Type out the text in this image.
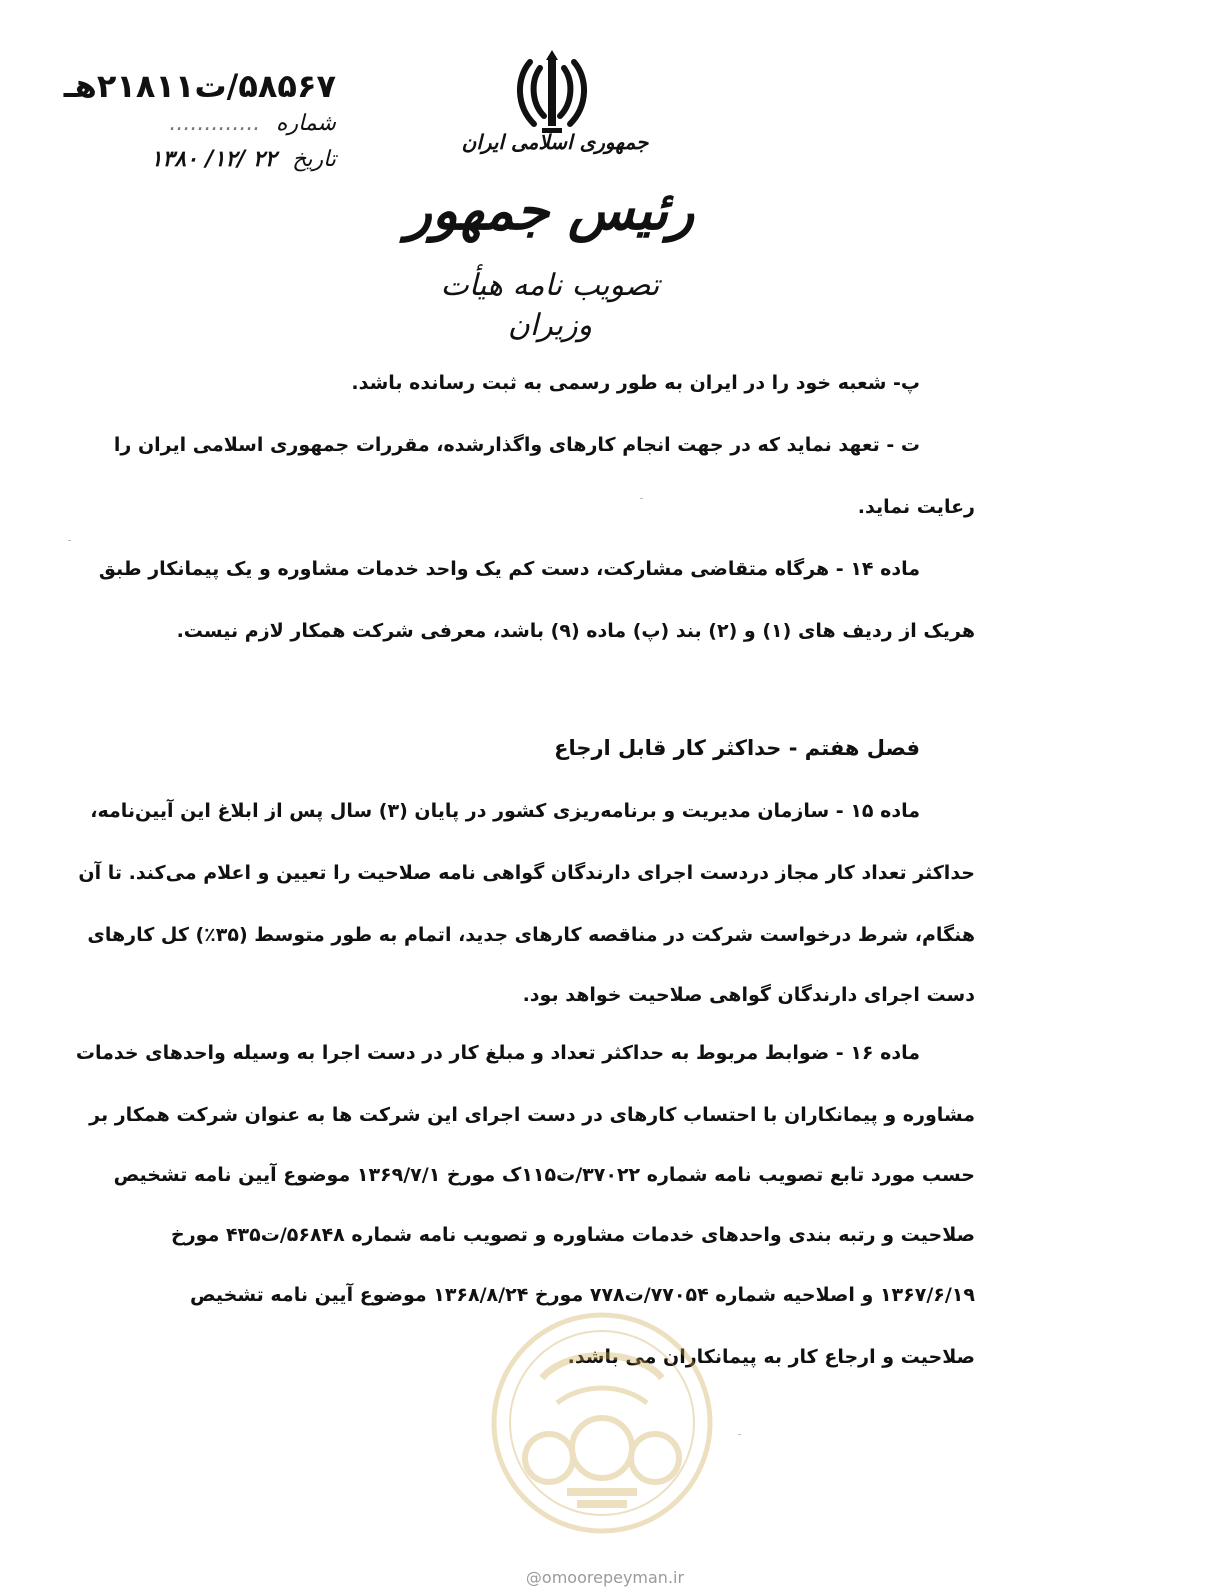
۵۸۵۶۷/ت۲۱۸۱۱هـ
شماره .............
تاریخ ۲۲ /۱۲/ ۱۳۸۰
جمهوری اسلامی ایران
رئیس جمهور
تصویب نامه هیأت وزیران
پ- شعبه خود را در ایران به طور رسمی به ثبت رسانده باشد.
ت - تعهد نماید که در جهت انجام کارهای واگذارشده، مقررات جمهوری اسلامی ایران را
رعایت نماید.
ماده ۱۴ - هرگاه متقاضی مشارکت، دست کم یک واحد خدمات مشاوره و یک پیمانکار طبق
هریک از ردیف های (۱) و (۲) بند (پ) ماده (۹) باشد، معرفی شرکت همکار لازم نیست.
فصل هفتم - حداکثر کار قابل ارجاع
ماده ۱۵ - سازمان مدیریت و برنامه‌ریزی کشور در پایان (۳) سال پس از ابلاغ این آیین‌نامه،
حداکثر تعداد کار مجاز دردست اجرای دارندگان گواهی نامه صلاحیت را تعیین و اعلام می‌کند. تا آن
هنگام، شرط درخواست شرکت در مناقصه کارهای جدید، اتمام به طور متوسط (۳۵٪) کل کارهای
دست اجرای دارندگان گواهی صلاحیت خواهد بود.
ماده ۱۶ - ضوابط مربوط به حداکثر تعداد و مبلغ کار در دست اجرا به وسیله واحدهای خدمات
مشاوره و پیمانکاران با احتساب کارهای در دست اجرای این شرکت ها به عنوان شرکت همکار بر
حسب مورد تابع تصویب نامه شماره ۳۷۰۲۲/ت۱۱۵ک مورخ ۱۳۶۹/۷/۱ موضوع آیین نامه تشخیص
صلاحیت و رتبه بندی واحدهای خدمات مشاوره و تصویب نامه شماره ۵۶۸۴۸/ت۴۳۵ مورخ
۱۳۶۷/۶/۱۹ و اصلاحیه شماره ۷۷۰۵۴/ت۷۷۸ مورخ ۱۳۶۸/۸/۲۴ موضوع آیین نامه تشخیص
صلاحیت و ارجاع کار به پیمانکاران می باشد.
@omoorepeyman.ir
